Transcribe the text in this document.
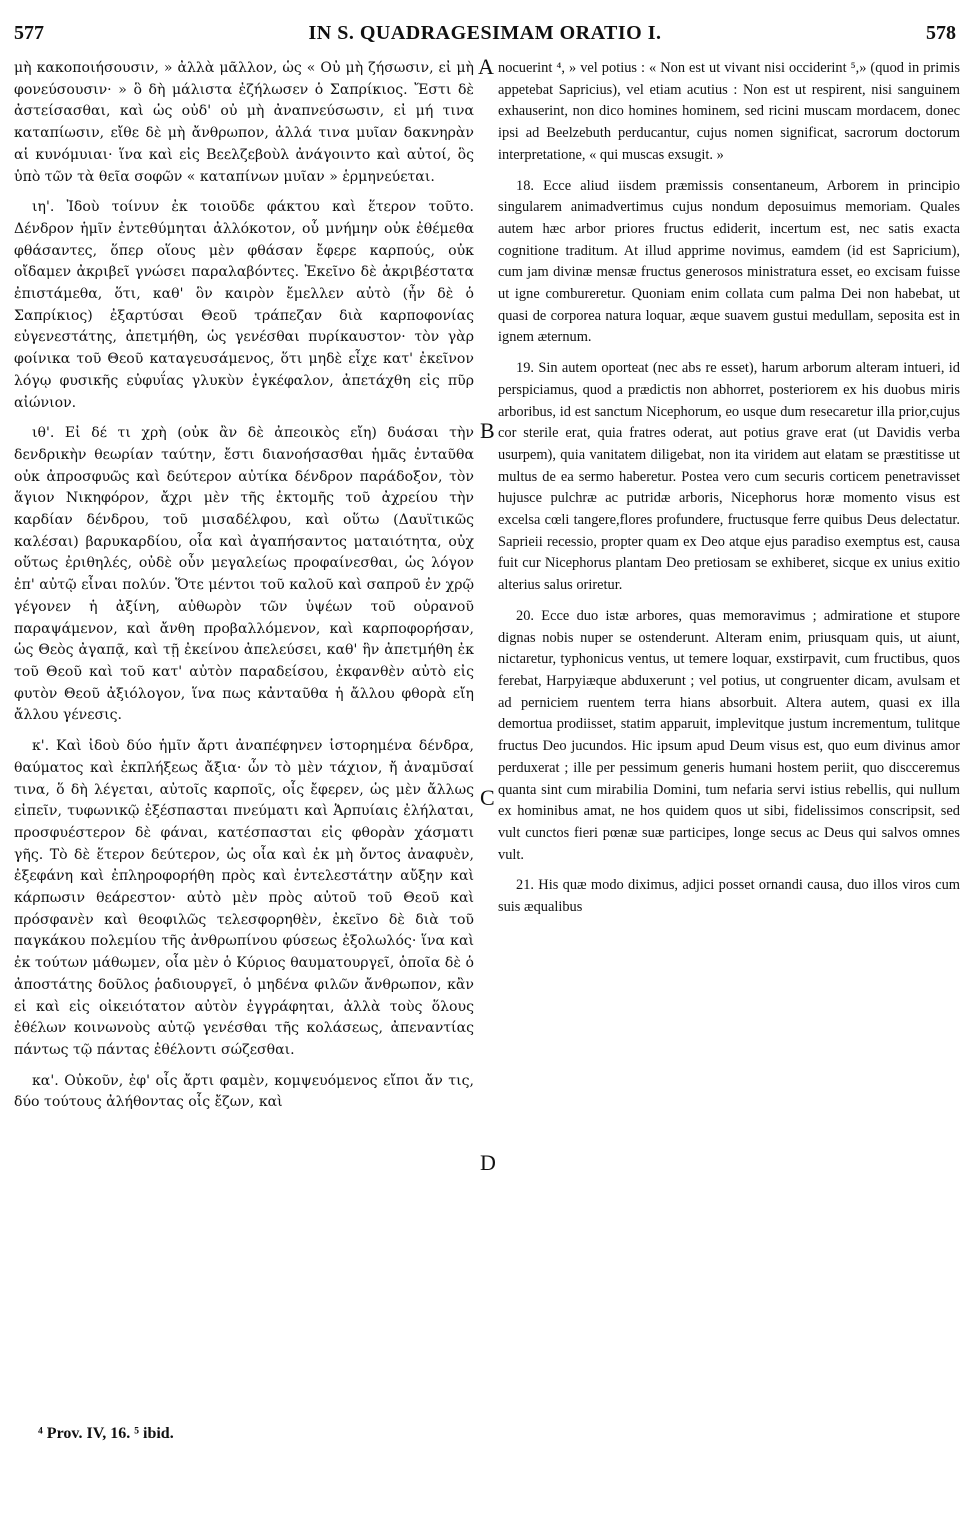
577	IN S. QUADRAGESIMAM ORATIO I.	578

μὴ κακοποιήσουσιν, » ἀλλὰ μᾶλλον, ὡς « Οὐ μὴ ζήσωσιν, εἰ μὴ φονεύσουσιν· » ὃ δὴ μάλιστα ἐζήλωσεν ὁ Σαπρίκιος. Ἔστι δὲ ἀστείσασθαι, καὶ ὡς οὐδ' οὐ μὴ ἀναπνεύσωσιν, εἰ μή τινα καταπίωσιν, εἴθε δὲ μὴ ἄνθρωπον, ἀλλά τινα μυῖαν δακνηρὰν αἱ κυνόμυιαι· ἵνα καὶ εἰς Βεελζεβοὺλ ἀνάγοιντο καὶ αὐτοί, ὃς ὑπὸ τῶν τὰ θεῖα σοφῶν « καταπίνων μυῖαν » ἑρμηνεύεται.

ιη'. Ἰδοὺ τοίνυν ἐκ τοιοῦδε φάκτου καὶ ἕτερον τοῦτο. Δένδρον ἡμῖν ἐντεθύμηται ἀλλόκοτον, οὗ μνήμην οὐκ ἐθέμεθα φθάσαντες, ὅπερ οἵους μὲν φθάσαν ἔφερε καρπούς, οὐκ οἴδαμεν ἀκριβεῖ γνώσει παραλαβόντες. Ἐκεῖνο δὲ ἀκριβέστατα ἐπιστάμεθα, ὅτι, καθ' ὃν καιρὸν ἔμελλεν αὐτὸ (ἦν δὲ ὁ Σαπρίκιος) ἐξαρτύσαι Θεοῦ τράπεζαν διὰ καρποφονίας εὐγενεστάτης, ἀπετμήθη, ὡς γενέσθαι πυρίκαυστον· τὸν γὰρ φοίνικα τοῦ Θεοῦ καταγευσάμενος, ὅτι μηδὲ εἶχε κατ' ἐκεῖνον λόγῳ φυσικῆς εὐφυΐας γλυκὺν ἐγκέφαλον, ἀπετάχθη εἰς πῦρ αἰώνιον.

ιθ'. Εἰ δέ τι χρὴ (οὐκ ἂν δὲ ἀπεοικὸς εἴη) δυάσαι τὴν δενδρικὴν θεωρίαν ταύτην, ἔστι διανοήσασθαι ἡμᾶς ἐνταῦθα οὐκ ἀπροσφυῶς καὶ δεύτερον αὐτίκα δένδρον παράδοξον, τὸν ἅγιον Νικηφόρον, ἄχρι μὲν τῆς ἐκτομῆς τοῦ ἀχρείου τὴν καρδίαν δένδρου, τοῦ μισαδέλφου, καὶ οὕτω (Δαυϊτικῶς καλέσαι) βαρυκαρδίου, οἷα καὶ ἀγαπήσαντος ματαιότητα, οὐχ οὕτως ἐριθηλές, οὐδὲ οὖν μεγαλείως προφαίνεσθαι, ὡς λόγον ἐπ' αὐτῷ εἶναι πολύν. Ὅτε μέντοι τοῦ καλοῦ καὶ σαπροῦ ἐν χρῷ γέγονεν ἡ ἀξίνη, αὐθωρὸν τῶν ὑψέων τοῦ οὐρανοῦ παραψάμενον, καὶ ἄνθη προβαλλόμενον, καὶ καρποφορήσαν, ὡς Θεὸς ἀγαπᾷ, καὶ τῇ ἐκείνου ἀπελεύσει, καθ' ἣν ἀπετμήθη ἐκ τοῦ Θεοῦ καὶ τοῦ κατ' αὐτὸν παραδείσου, ἐκφανθὲν αὐτὸ εἰς φυτὸν Θεοῦ ἀξιόλογον, ἵνα πως κἀνταῦθα ἡ ἄλλου φθορὰ εἴη ἄλλου γένεσις.

κ'. Καὶ ἰδοὺ δύο ἡμῖν ἄρτι ἀναπέφηνεν ἱστορημένα δένδρα, θαύματος καὶ ἐκπλήξεως ἄξια· ὧν τὸ μὲν τάχιον, ἤ ἀναμῦσαί τινα, ὅ δὴ λέγεται, αὐτοῖς καρποῖς, οἷς ἔφερεν, ὡς μὲν ἄλλως εἰπεῖν, τυφωνικῷ ἐξέσπασται πνεύματι καὶ Ἁρπυίαις ἐλήλαται, προσφυέστερον δὲ φάναι, κατέσπασται εἰς φθορὰν χάσματι γῆς. Τὸ δὲ ἕτερον δεύτερον, ὡς οἷα καὶ ἐκ μὴ ὄντος ἀναφυὲν, ἐξεφάνη καὶ ἐπληροφορήθη πρὸς καὶ ἐντελεστάτην αὔξην καὶ κάρπωσιν θεάρεστον· αὐτὸ μὲν πρὸς αὐτοῦ τοῦ Θεοῦ καὶ πρόσφανὲν καὶ θεοφιλῶς τελεσφορηθὲν, ἐκεῖνο δὲ διὰ τοῦ παγκάκου πολεμίου τῆς ἀνθρωπίνου φύσεως ἐξολωλός· ἵνα καὶ ἐκ τούτων μάθωμεν, οἷα μὲν ὁ Κύριος θαυματουργεῖ, ὁποῖα δὲ ὁ ἀποστάτης δοῦλος ῥαδιουργεῖ, ὁ μηδένα φιλῶν ἄνθρωπον, κἂν εἰ καὶ εἰς οἰκειότατον αὐτὸν ἐγγράφηται, ἀλλὰ τοὺς ὅλους ἐθέλων κοινωνοὺς αὐτῷ γενέσθαι τῆς κολάσεως, ἀπεναντίας πάντως τῷ πάντας ἐθέλοντι σώζεσθαι.

κα'. Οὐκοῦν, ἐφ' οἷς ἄρτι φαμὲν, κομψευόμενος εἴποι ἄν τις, δύο τούτους ἀλήθοντας οἷς ἔζων, καὶ

A
B
C
D

nocuerint ⁴, » vel potius : « Non est ut vivant nisi occiderint ⁵,» (quod in primis appetebat Sapricius), vel etiam acutius : Non est ut respirent, nisi sanguinem exhauserint, non dico homines hominem, sed ricini muscam mordacem, donec ipsi ad Beelzebuth perducantur, cujus nomen significat, sacrorum doctorum interpretatione, « qui muscas exsugit. »

18. Ecce aliud iisdem præmissis consentaneum, Arborem in principio singularem animadvertimus cujus nondum deposuimus memoriam. Quales autem hæc arbor priores fructus ediderit, incertum est, nec satis exacta cognitione traditum. At illud apprime novimus, eamdem (id est Sapricium), cum jam divinæ mensæ fructus generosos ministratura esset, eo excisam fuisse ut igne combureretur. Quoniam enim collata cum palma Dei non habebat, ut quasi de corporea natura loquar, æque suavem gustui medullam, seposita est in ignem æternum.

19. Sin autem oporteat (nec abs re esset), harum arborum alteram intueri, id perspiciamus, quod a prædictis non abhorret, posteriorem ex his duobus miris arboribus, id est sanctum Nicephorum, eo usque dum resecaretur illa prior,cujus cor sterile erat, quia fratres oderat, aut potius grave erat (ut Davidis verba usurpem), quia vanitatem diligebat, non ita viridem aut elatam se præstitisse ut multus de ea sermo haberetur. Postea vero cum securis corticem penetravisset hujusce pulchræ ac putridæ arboris, Nicephorus horæ momento visus est excelsa cœli tangere,flores profundere, fructusque ferre quibus Deus delectatur. Saprieii recessio, propter quam ex Deo atque ejus paradiso exemptus est, causa fuit cur Nicephorus plantam Deo pretiosam se exhiberet, sicque ex unius exitio alterius salus oriretur.

20. Ecce duo istæ arbores, quas memoravimus ; admiratione et stupore dignas nobis nuper se ostenderunt. Alteram enim, priusquam quis, ut aiunt, nictaretur, typhonicus ventus, ut temere loquar, exstirpavit, cum fructibus, quos ferebat, Harpyiæque abduxerunt ; vel potius, ut congruenter dicam, avulsam et ad perniciem ruentem terra hians absorbuit. Altera autem, quasi ex illa demortua prodiisset, statim apparuit, implevitque justum incrementum, tulitque fructus Deo jucundos. Hic ipsum apud Deum visus est, quo eum divinus amor perduxerat ; ille per pessimum generis humani hostem periit, quo discceremus quanta sint cum mirabilia Domini, tum nefaria servi istius rebellis, qui nullum ex hominibus amat, ne hos quidem quos ut sibi, fidelissimos conscripsit, sed vult cunctos fieri pœnæ suæ participes, longe secus ac Deus qui salvos omnes vult.

21. His quæ modo diximus, adjici posset ornandi causa, duo illos viros cum suis æqualibus

⁴ Prov. IV, 16. ⁵ ibid.
